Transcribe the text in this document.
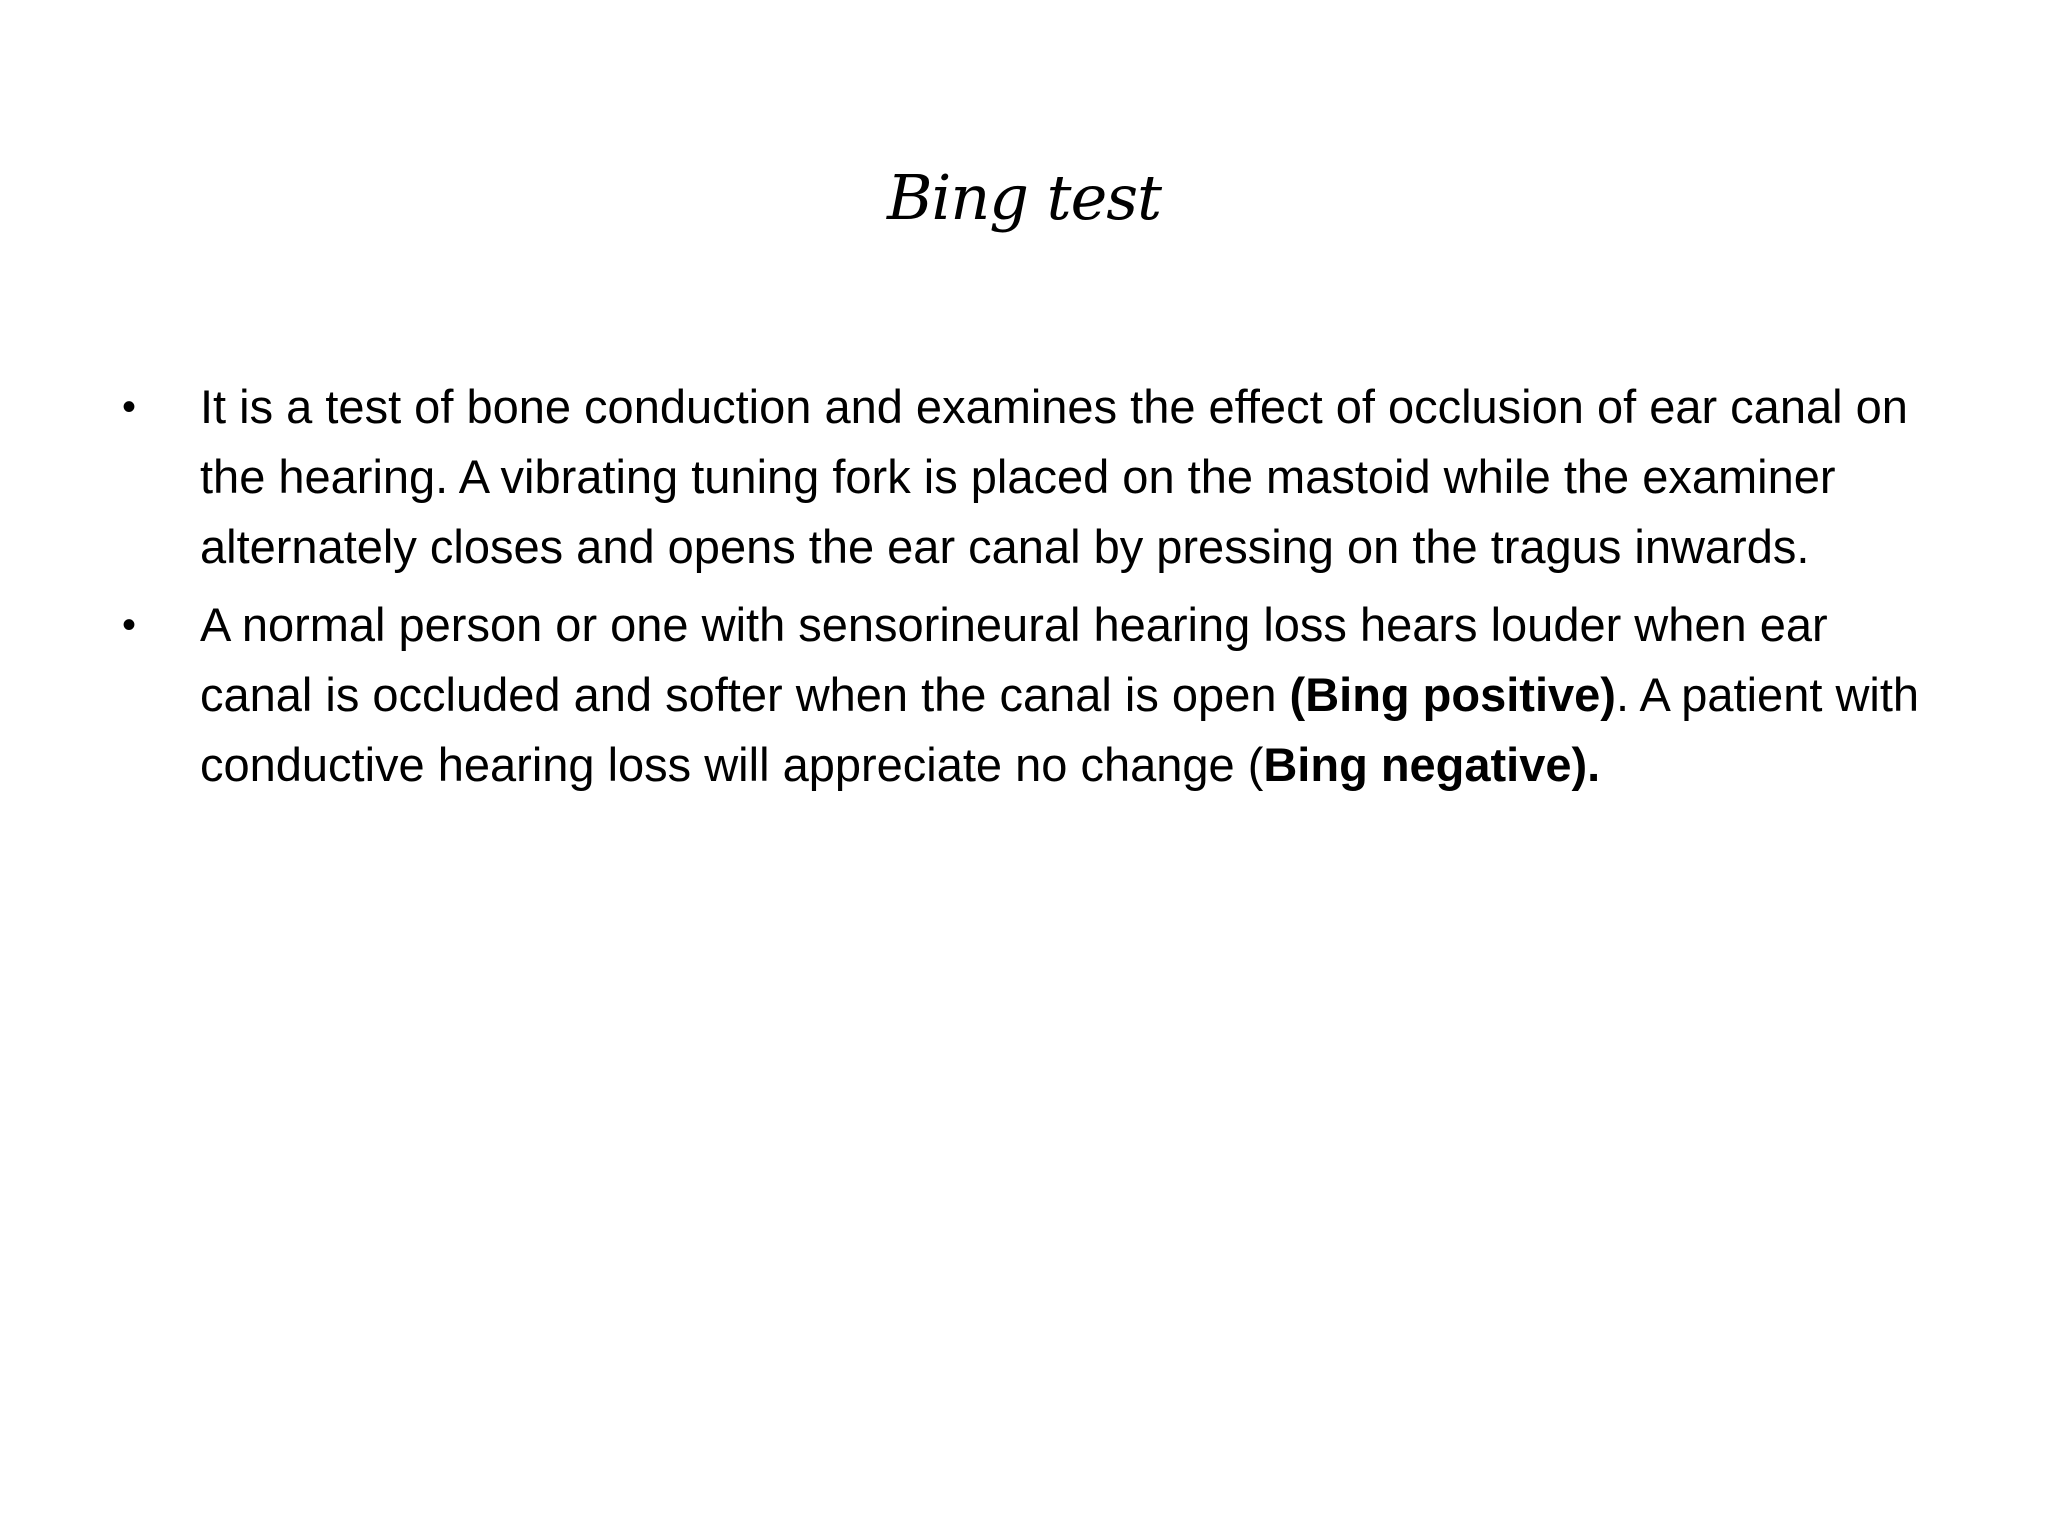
Bing test
• It is a test of bone conduction and examines the effect of occlusion of ear canal on the hearing. A vibrating tuning fork is placed on the mastoid while the examiner alternately closes and opens the ear canal by pressing on the tragus inwards.
• A normal person or one with sensorineural hearing loss hears louder when ear canal is occluded and softer when the canal is open (Bing positive). A patient with conductive hearing loss will appreciate no change (Bing negative).
